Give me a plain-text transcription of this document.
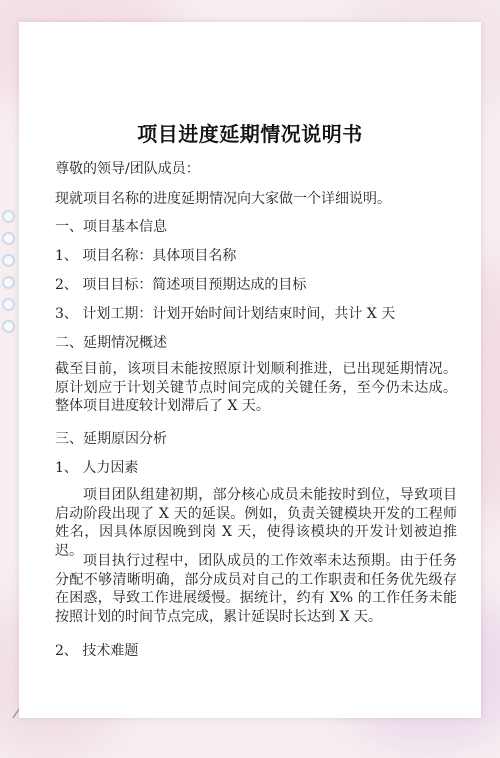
项目进度延期情况说明书
尊敬的领导/团队成员：
现就项目名称的进度延期情况向大家做一个详细说明。
一、项目基本信息
1、 项目名称：具体项目名称
2、 项目目标：简述项目预期达成的目标
3、 计划工期：计划开始时间计划结束时间，共计 X 天
二、延期情况概述
截至目前，该项目未能按照原计划顺利推进，已出现延期情况。原计划应于计划关键节点时间完成的关键任务，至今仍未达成。整体项目进度较计划滞后了 X 天。
三、延期原因分析
1、 人力因素
项目团队组建初期，部分核心成员未能按时到位，导致项目启动阶段出现了 X 天的延误。例如，负责关键模块开发的工程师姓名，因具体原因晚到岗 X 天，使得该模块的开发计划被迫推迟。
项目执行过程中，团队成员的工作效率未达预期。由于任务分配不够清晰明确，部分成员对自己的工作职责和任务优先级存在困惑，导致工作进展缓慢。据统计，约有 X% 的工作任务未能按照计划的时间节点完成，累计延误时长达到 X 天。
2、 技术难题
